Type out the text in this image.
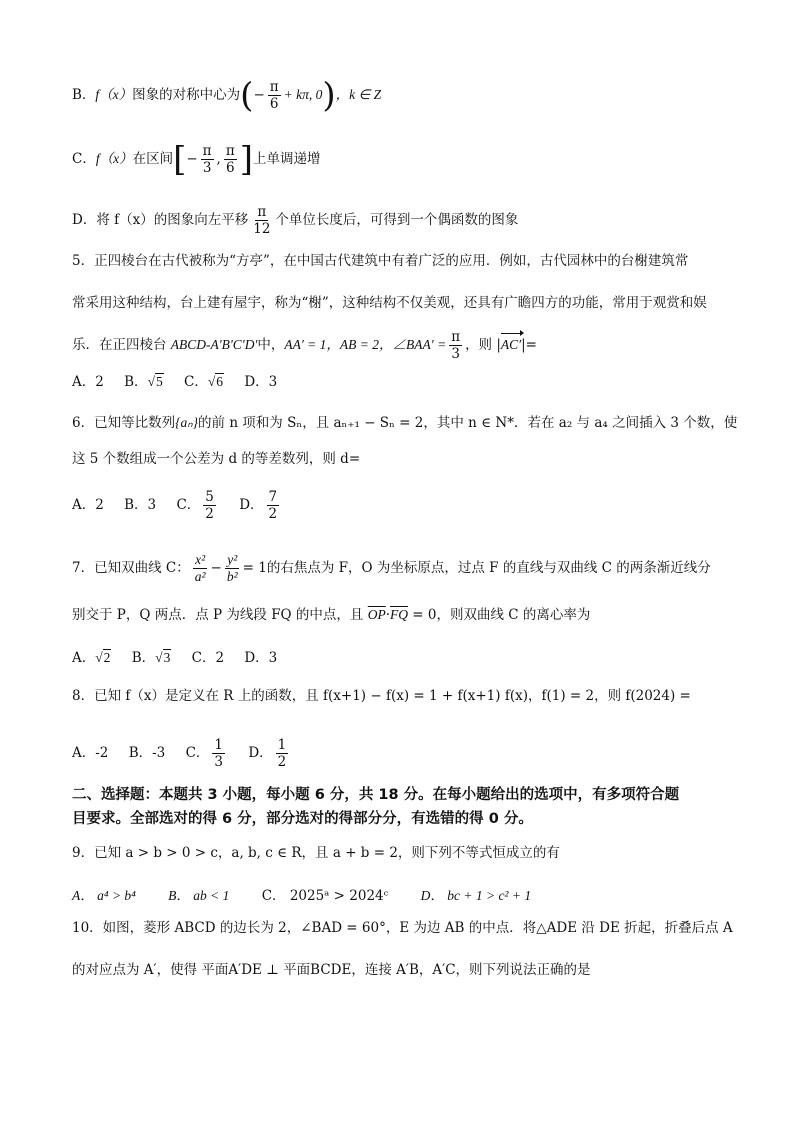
B．f（x）图象的对称中心为(− $\frac{\pi}{6} + k\pi$, 0)，k ∈ Z
C．f（x）在区间[− $\frac{\pi}{3}$ , $\frac{\pi}{6}$ ]上单调递增
D．将 f（x）的图象向左平移 $\frac{\pi}{12}$ 个单位长度后，可得到一个偶函数的图象
5．正四棱台在古代被称为“方亭”，在中国古代建筑中有着广泛的应用．例如，古代园林中的台榭建筑常
常采用这种结构，台上建有屋宇，称为“榭”，这种结构不仅美观，还具有广瞻四方的功能，常用于观赏和娱
乐．在正四棱台 ABCD-A'B'C'D'中，AA′ = 1，AB = 2，∠BAA′ = $\frac{\pi}{3}$ ，则 |AC′|=
A．2 B．√5 C．√6 D．3
6．已知等比数列{aₙ}的前 n 项和为 Sₙ，且 aₙ₊₁ − Sₙ = 2，其中 n ∈ N*．若在 a₂ 与 a₄ 之间插入 3 个数，使
这 5 个数组成一个公差为 d 的等差数列，则 d=
A．2 B．3 C． $\frac{5}{2}$ D． $\frac{7}{2}$
7．已知双曲线 C： $\frac{\text{x²}}{\text{a²}} - \frac{\text{y²}}{\text{b²}} = 1$的右焦点为 F，O 为坐标原点，过点 F 的直线与双曲线 C 的两条渐近线分
别交于 P，Q 两点．点 P 为线段 FQ 的中点，且 $\overline{OP}\cdot\overline{FQ} = 0$，则双曲线 C 的离心率为
A．√2 B．√3 C．2 D．3
8．已知 f（x）是定义在 R 上的函数，且 f(x+1) − f(x) = 1 + f(x+1) f(x)，f(1) = 2，则 f(2024) =
A．-2 B．-3 C． $\frac{1}{3}$ D． $\frac{1}{2}$
二、选择题：本题共 3 小题，每小题 6 分，共 18 分。在每小题给出的选项中，有多项符合题
目要求。全部选对的得 6 分，部分选对的得部分分，有选错的得 0 分。
9．已知 a > b > 0 > c，a, b, c ∈ R，且 a + b = 2，则下列不等式恒成立的有
A． a⁴ > b⁴ B． ab < 1 C． 2025ᵃ > 2024ᶜ D． bc + 1 > c² + 1
10．如图，菱形 ABCD 的边长为 2，∠BAD = 60°，E 为边 AB 的中点．将△ADE 沿 DE 折起，折叠后点 A
的对应点为 A′，使得 平面A′DE ⊥ 平面BCDE，连接 A′B，A′C，则下列说法正确的是
